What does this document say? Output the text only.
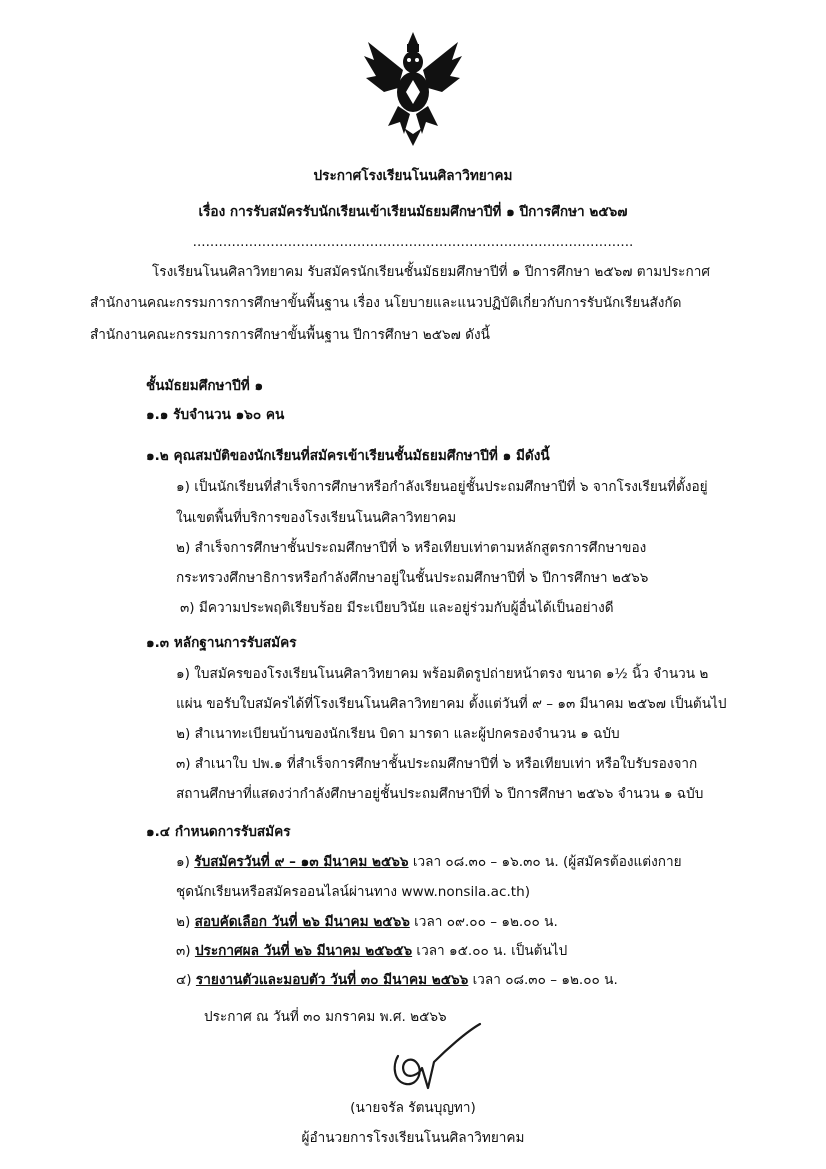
ประกาศโรงเรียนโนนศิลาวิทยาคม
เรื่อง การรับสมัครรับนักเรียนเข้าเรียนมัธยมศึกษาปีที่ ๑ ปีการศึกษา ๒๕๖๗
......................................................................................................
โรงเรียนโนนศิลาวิทยาคม รับสมัครนักเรียนชั้นมัธยมศึกษาปีที่ ๑ ปีการศึกษา ๒๕๖๗ ตามประกาศ
สำนักงานคณะกรรมการการศึกษาขั้นพื้นฐาน เรื่อง นโยบายและแนวปฏิบัติเกี่ยวกับการรับนักเรียนสังกัด
สำนักงานคณะกรรมการการศึกษาขั้นพื้นฐาน ปีการศึกษา ๒๕๖๗ ดังนี้
ชั้นมัธยมศึกษาปีที่ ๑
๑.๑ รับจำนวน ๑๖๐ คน
๑.๒ คุณสมบัติของนักเรียนที่สมัครเข้าเรียนชั้นมัธยมศึกษาปีที่ ๑ มีดังนี้
๑) เป็นนักเรียนที่สำเร็จการศึกษาหรือกำลังเรียนอยู่ชั้นประถมศึกษาปีที่ ๖ จากโรงเรียนที่ตั้งอยู่
ในเขตพื้นที่บริการของโรงเรียนโนนศิลาวิทยาคม
๒) สำเร็จการศึกษาชั้นประถมศึกษาปีที่ ๖ หรือเทียบเท่าตามหลักสูตรการศึกษาของ
กระทรวงศึกษาธิการหรือกำลังศึกษาอยู่ในชั้นประถมศึกษาปีที่ ๖ ปีการศึกษา ๒๕๖๖
๓) มีความประพฤติเรียบร้อย มีระเบียบวินัย และอยู่ร่วมกับผู้อื่นได้เป็นอย่างดี
๑.๓ หลักฐานการรับสมัคร
๑) ใบสมัครของโรงเรียนโนนศิลาวิทยาคม พร้อมติดรูปถ่ายหน้าตรง ขนาด ๑½ นิ้ว จำนวน ๒
แผ่น ขอรับใบสมัครได้ที่โรงเรียนโนนศิลาวิทยาคม ตั้งแต่วันที่ ๙ – ๑๓ มีนาคม ๒๕๖๗ เป็นต้นไป
๒) สำเนาทะเบียนบ้านของนักเรียน บิดา มารดา และผู้ปกครองจำนวน ๑ ฉบับ
๓) สำเนาใบ ปพ.๑ ที่สำเร็จการศึกษาชั้นประถมศึกษาปีที่ ๖ หรือเทียบเท่า หรือใบรับรองจาก
สถานศึกษาที่แสดงว่ากำลังศึกษาอยู่ชั้นประถมศึกษาปีที่ ๖ ปีการศึกษา ๒๕๖๖ จำนวน ๑ ฉบับ
๑.๔ กำหนดการรับสมัคร
๑) รับสมัครวันที่ ๙ – ๑๓ มีนาคม ๒๕๖๖ เวลา ๐๘.๓๐ – ๑๖.๓๐ น. (ผู้สมัครต้องแต่งกาย
ชุดนักเรียนหรือสมัครออนไลน์ผ่านทาง www.nonsila.ac.th)
๒) สอบคัดเลือก วันที่ ๒๖ มีนาคม ๒๕๖๖ เวลา ๐๙.๐๐ – ๑๒.๐๐ น.
๓) ประกาศผล วันที่ ๒๖ มีนาคม ๒๕๖๕๖ เวลา ๑๕.๐๐ น. เป็นต้นไป
๔) รายงานตัวและมอบตัว วันที่ ๓๐ มีนาคม ๒๕๖๖ เวลา ๐๘.๓๐ – ๑๒.๐๐ น.
ประกาศ ณ วันที่ ๓๐ มกราคม พ.ศ. ๒๕๖๖
(นายจรัล รัตนบุญทา)
ผู้อำนวยการโรงเรียนโนนศิลาวิทยาคม
